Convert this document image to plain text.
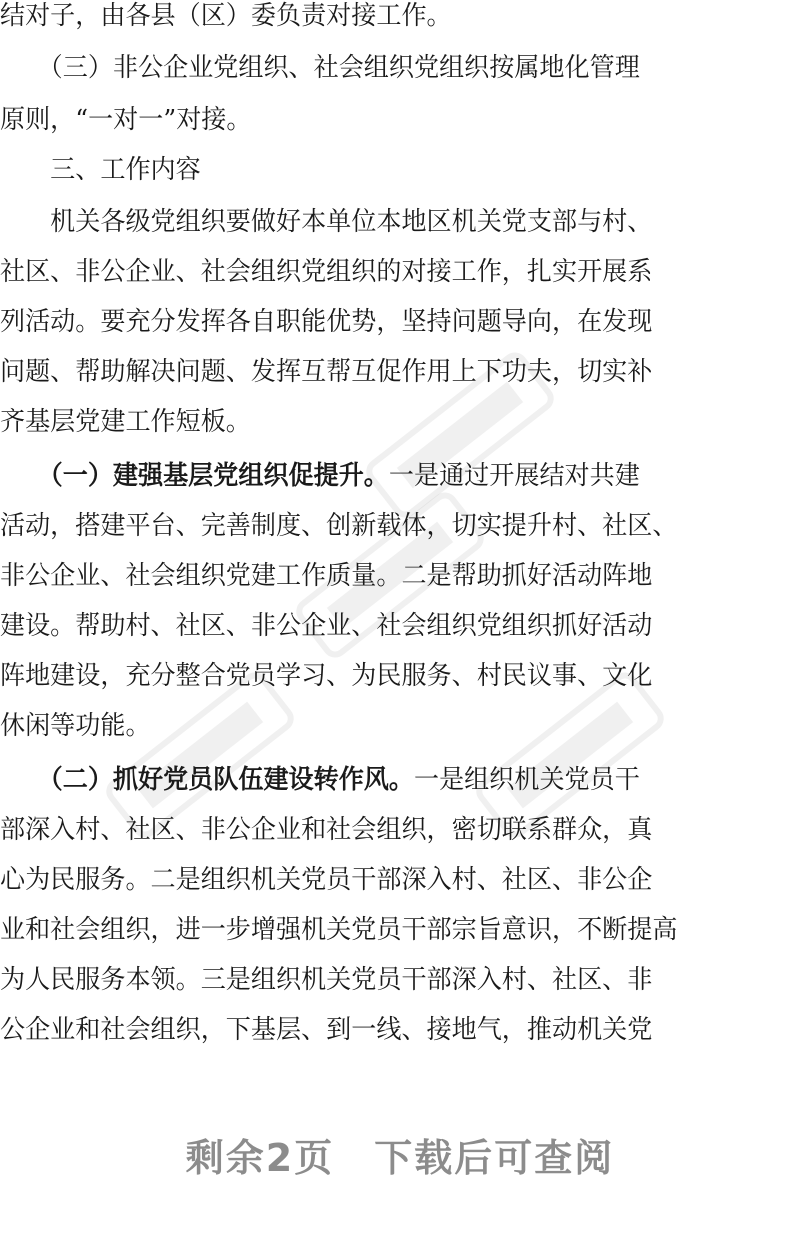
结对子，由各县（区）委负责对接工作。
　　（三）非公企业党组织、社会组织党组织按属地化管理
原则，“一对一”对接。
　　三、工作内容
　　机关各级党组织要做好本单位本地区机关党支部与村、
社区、非公企业、社会组织党组织的对接工作，扎实开展系
列活动。要充分发挥各自职能优势，坚持问题导向，在发现
问题、帮助解决问题、发挥互帮互促作用上下功夫，切实补
齐基层党建工作短板。
　　（一）建强基层党组织促提升。一是通过开展结对共建
活动，搭建平台、完善制度、创新载体，切实提升村、社区、
非公企业、社会组织党建工作质量。二是帮助抓好活动阵地
建设。帮助村、社区、非公企业、社会组织党组织抓好活动
阵地建设，充分整合党员学习、为民服务、村民议事、文化
休闲等功能。
　　（二）抓好党员队伍建设转作风。一是组织机关党员干
部深入村、社区、非公企业和社会组织，密切联系群众，真
心为民服务。二是组织机关党员干部深入村、社区、非公企
业和社会组织，进一步增强机关党员干部宗旨意识，不断提高
为人民服务本领。三是组织机关党员干部深入村、社区、非
公企业和社会组织，下基层、到一线、接地气，推动机关党
剩余2页 下载后可查阅
